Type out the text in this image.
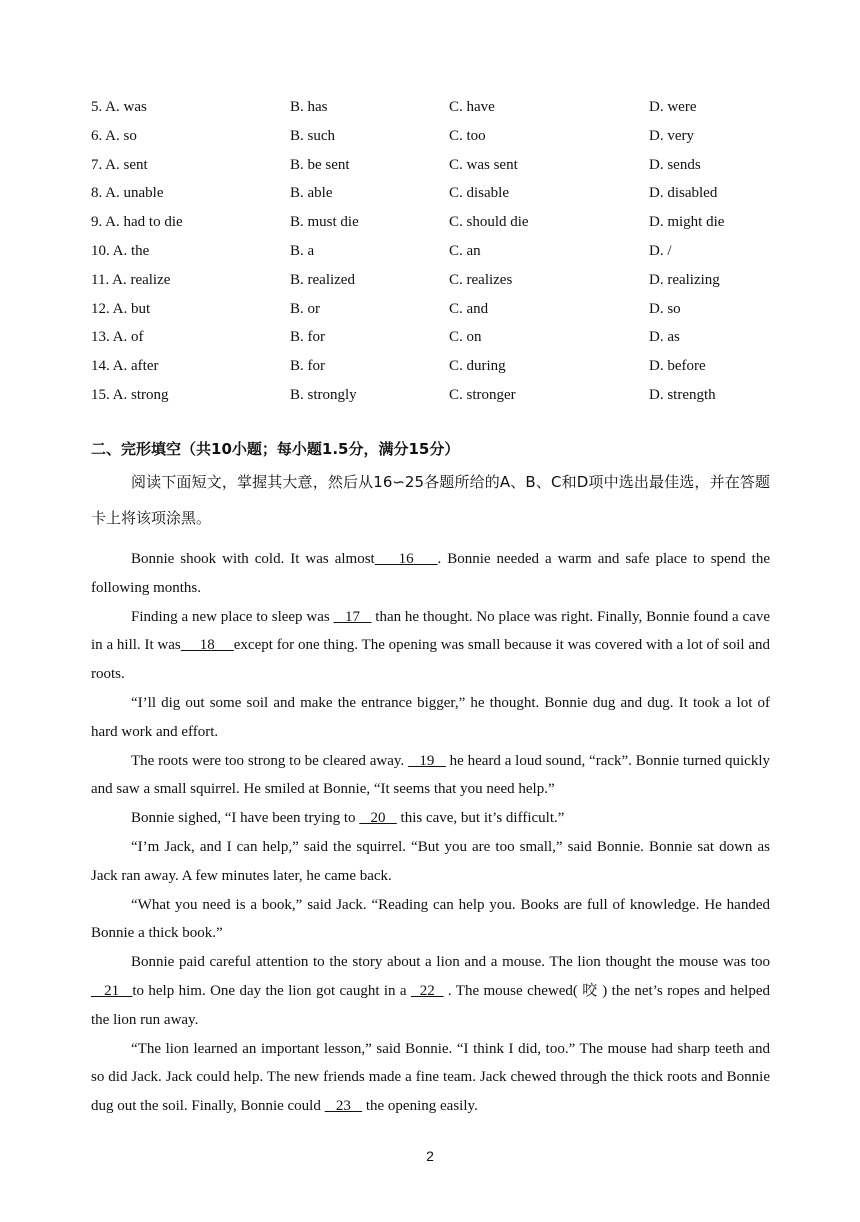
5. A. was	B. has	C. have	D. were
6. A. so	B. such	C. too	D. very
7. A. sent	B. be sent	C. was sent	D. sends
8. A. unable	B. able	C. disable	D. disabled
9. A. had to die	B. must die	C. should die	D. might die
10. A. the	B. a	C. an	D. /
11. A. realize	B. realized	C. realizes	D. realizing
12. A. but	B. or	C. and	D. so
13. A. of	B. for	C. on	D. as
14. A. after	B. for	C. during	D. before
15. A. strong	B. strongly	C. stronger	D. strength
二、完形填空（共10小题；每小题1.5分，满分15分）
阅读下面短文，掌握其大意，然后从16∽25各题所给的A、B、C和D项中选出最佳选，并在答题卡上将该项涂黑。

Bonnie shook with cold. It was almost    16    . Bonnie needed a warm and safe place to spend the following months.

Finding a new place to sleep was    17    than he thought. No place was right. Finally, Bonnie found a cave in a hill. It was     18     except for one thing. The opening was small because it was covered with a lot of soil and roots.

“I’ll dig out some soil and make the entrance bigger,” he thought. Bonnie dug and dug. It took a lot of hard work and effort.

The roots were too strong to be cleared away.    19    he heard a loud sound, “rack”. Bonnie turned quickly and saw a small squirrel. He smiled at Bonnie, “It seems that you need help.”

Bonnie sighed, “I have been trying to    20    this cave, but it’s difficult.”

“I’m Jack, and I can help,” said the squirrel. “But you are too small,” said Bonnie. Bonnie sat down as Jack ran away. A few minutes later, he came back.

“What you need is a book,” said Jack. “Reading can help you. Books are full of knowledge. He handed Bonnie a thick book.”

Bonnie paid careful attention to the story about a lion and a mouse. The lion thought the mouse was too    21   to help him. One day the lion got caught in a   22   . The mouse chewed( 咬 ) the net’s ropes and helped the lion run away.

“The lion learned an important lesson,” said Bonnie. “I think I did, too.” The mouse had sharp teeth and so did Jack. Jack could help. The new friends made a fine team. Jack chewed through the thick roots and Bonnie dug out the soil. Finally, Bonnie could    23    the opening easily.

2
